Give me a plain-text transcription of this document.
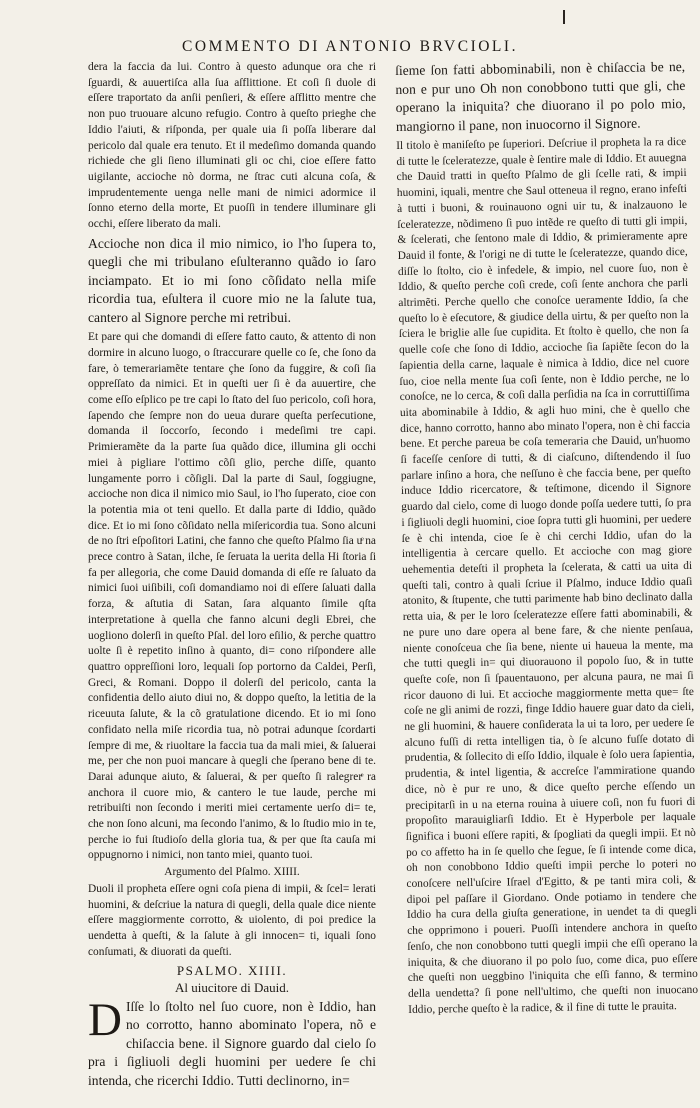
COMMENTO DI ANTONIO BRVCIOLI.

dera la faccia da lui. Contro à questo adunque ora che ri ſguardi, & auuertiſca alla ſua aſflittione. Et coſi ſi duole di eſſere traportato da anſii penſieri, & eſſere aſflitto mentre che non puo truouare alcuno refugio. Contro à queſto prieghe che Iddio l'aiuti, & riſponda, per quale uia ſi poſſa liberare dal pericolo dal quale era tenuto. Et il medeſimo domanda quando richiede che gli ſieno illuminati gli oc chi, cioe eſſere fatto uigilante, accioche nò dorma, ne ſtrac cuti alcuna coſa, & imprudentemente uenga nelle mani de nimici adormice il ſonno eterno della morte, Et puoſſi in tendere illuminare gli occhi, eſſere liberato da mali.

Accioche non dica il mio nimico, io l'ho ſupera to, quegli che mi tribulano eſulteranno quãdo io ſaro inciampato. Et io mi ſono cõſidato nella miſe ricordia tua, eſultera il cuore mio ne la ſalute tua, cantero al Signore perche mi retribui.

Et pare qui che domandi di eſſere fatto cauto, & attento di non dormire in alcuno luogo, o ſtraccurare quelle co ſe, che ſono da fare, ò temerariamẽte tentare çhe ſono da fuggire, & coſi ſia oppreſſato da nimici. Et in queſti uer ſi è da auuertire, che come eſſo eſplico pe tre capi lo ſtato del ſuo pericolo, coſi hora, ſapendo che ſempre non do ueua durare queſta perſecutione, domanda il ſoccorſo, ſecondo i medeſimi tre capi. Primieramẽte da la parte ſua quãdo dice, illumina gli occhi miei à pigliare l'ottimo cõſi glio, perche diſſe, quanto lungamente porro i cõſigli. Dal la parte di Saul, ſoggiugne, accioche non dica il nimico mio Saul, io l'ho ſuperato, cioe con la potentia mia ot teni quello. Et dalla parte di Iddio, quãdo dice. Et io mi ſono cõſidato nella miſericordia tua. Sono alcuni de no ſtri eſpoſitori Latini, che fanno che queſto Pſalmo ſia uͤ na prece contro à Satan, ilche, ſe ſeruata la uerita della Hi ſtoria ſi fa per allegoria, che come Dauid domanda di eſſe re ſaluato da nimici ſuoi uiſibili, coſi domandiamo noi di eſſere ſaluati dalla forza, & aſtutia di Satan, ſara alquanto ſimile qſta interpretatione à quella che fanno alcuni degli Ebrei, che uogliono dolerſi in queſto Pſal. del loro eſilio, & perche quattro uolte ſi è repetito inſino à quanto, di= cono riſpondere alle quattro oppreſſioni loro, lequali ſop portorno da Caldei, Perſi, Greci, & Romani. Doppo il dolerſi del pericolo, canta la confidentia dello aiuto diui no, & doppo queſto, la letitia de la riceuuta ſalute, & la cõ gratulatione dicendo. Et io mi ſono confidato nella miſe ricordia tua, nò potrai adunque ſcordarti ſempre di me, & riuoltare la faccia tua da mali miei, & ſaluerai me, per che non puoi mancare à quegli che ſperano bene di te. Darai adunque aiuto, & ſaluerai, & per queſto ſi ralegrerͤ ra anchora il cuore mio, & cantero le tue laude, perche mi retribuiſti non ſecondo i meriti miei certamente uerſo di= te, che non ſono alcuni, ma ſecondo l'animo, & lo ſtudio mio in te, perche io fui ſtudioſo della gloria tua, & per que ſta cauſa mi oppugnorno i nimici, non tanto miei, quanto tuoi.

Argumento del Pſalmo. XIIII.

Duoli il propheta eſſere ogni coſa piena di impii, & ſcel= lerati huomini, & deſcriue la natura di quegli, della quale dice niente eſſere maggiormente corrotto, & uiolento, di poi predice la uendetta à queſti, & la ſalute à gli innocen= ti, iquali ſono conſumati, & diuorati da queſti.

PSALMO. XIIII.
Al uiucitore di Dauid.
D Iſſe lo ſtolto nel ſuo cuore, non è Iddio, han no corrotto, hanno abominato l'opera, nõ e chiſaccia bene. il Signore guardo dal cielo ſo pra i ſigliuoli degli huomini per uedere ſe chi intenda, che ricerchi Iddio. Tutti declinorno, in=

ſieme ſon fatti abbominabili, non è chiſaccia be ne, non e pur uno Oh non conobbono tutti que gli, che operano la iniquita? che diuorano il po polo mio, mangiorno il pane, non inuocorno il Signore.

Il titolo è maniſeſto pe ſuperiori. Deſcriue il propheta la ra dice di tutte le ſceleratezze, quale è ſentire male di Iddio. Et auuegna che Dauid tratti in queſto Pſalmo de gli ſcelle rati, & impii huomini, iquali, mentre che Saul otteneua il regno, erano infeſti à tutti i buoni, & rouinauono ogni uir tu, & inalzauono le ſceleratezze, nõdimeno ſi puo intẽde re queſto di tutti gli impii, & ſcelerati, che ſentono male di Iddio, & primieramente apre Dauid il fonte, & l'origi ne di tutte le ſceleratezze, quando dice, diſſe lo ſtolto, cio è infedele, & impio, nel cuore ſuo, non è Iddio, & queſto perche coſi crede, coſi ſente anchora che parli altrimẽti. Perche quello che conoſce ueramente Iddio, ſa che queſto lo è eſecutore, & giudice della uirtu, & per queſto non la ſciera le briglie alle ſue cupidita. Et ſtolto è quello, che non ſa quelle coſe che ſono di Iddio, accioche ſia ſapiẽte ſecon do la ſapientia della carne, laquale è nimica à Iddio, dice nel cuore ſuo, cioe nella mente ſua coſi ſente, non è Iddio perche, ne lo conoſce, ne lo cerca, & coſi dalla perſidia na ſca in corruttiſſima uita abominabile à Iddio, & agli huo mini, che è quello che dice, hanno corrotto, hanno abo minato l'opera, non è chi faccia bene. Et perche pareua be coſa temeraria che Dauid, un'huomo ſi faceſſe cenſore di tutti, & di ciaſcuno, diſtendendo il ſuo parlare inſino a hora, che neſſuno è che faccia bene, per queſto induce Iddio ricercatore, & teſtimone, dicendo il Signore guardo dal cielo, come di luogo donde poſſa uedere tutti, ſo pra i ſigliuoli degli huomini, cioe ſopra tutti gli huomini, per uedere ſe è chi intenda, cioe ſe è chi cerchi Iddio, ufan do la intelligentia à cercare quello. Et accioche con mag giore uehementia deteſti il propheta la ſcelerata, & catti ua uita di queſti tali, contro à quali ſcriue il Pſalmo, induce Iddio quaſi atonito, & ſtupente, che tutti parimente hab bino declinato dalla retta uia, & per le loro ſceleratezze eſſere fatti abominabili, & ne pure uno dare opera al bene fare, & che niente penſaua, niente conoſceua che ſia bene, niente ui haueua la mente, ma che tutti quegli in= qui diuorauono il popolo ſuo, & in tutte queſte coſe, non ſi ſpauentauono, per alcuna paura, ne mai ſi ricor dauono di lui. Et accioche maggiormente metta que= ſte coſe ne gli animi de rozzi, finge Iddio hauere guar dato da cieli, ne gli huomini, & hauere conſiderata la ui ta loro, per uedere ſe alcuno fuſſi di retta intelligen tia, ò ſe alcuno fuſſe dotato di prudentia, & ſollecito di eſſo Iddio, ilquale è ſolo uera ſapientia, prudentia, & intel ligentia, & accreſce l'ammiratione quando dice, nò è pur re uno, & dice queſto perche eſſendo un precipitarſi in u na eterna rouina à uiuere coſi, non fu fuori di propoſito marauigliarſi Iddio. Et è Hyperbole per laquale ſignifica i buoni eſſere rapiti, & ſpogliati da quegli impii. Et nò po co affetto ha in ſe quello che ſegue, ſe ſi intende come dica, oh non conobbono Iddio queſti impii perche lo poteri no conoſcere nell'uſcire Iſrael d'Egitto, & pe tanti mira coli, & dipoi pel paſſare il Giordano. Onde potiamo in tendere che Iddio ha cura della giuſta generatione, in uendet ta di quegli che opprimono i poueri. Puoſſi intendere anchora in queſto ſenſo, che non conobbono tutti quegli impii che eſſi operano la iniquita, & che diuorano il po polo ſuo, come dica, puo eſſere che queſti non ueggbino l'iniquita che eſſi fanno, & termino della uendetta? ſi pone nell'ultimo, che queſti non inuocano Iddio, perche queſto è la radice, & il fine di tutte le prauita.
